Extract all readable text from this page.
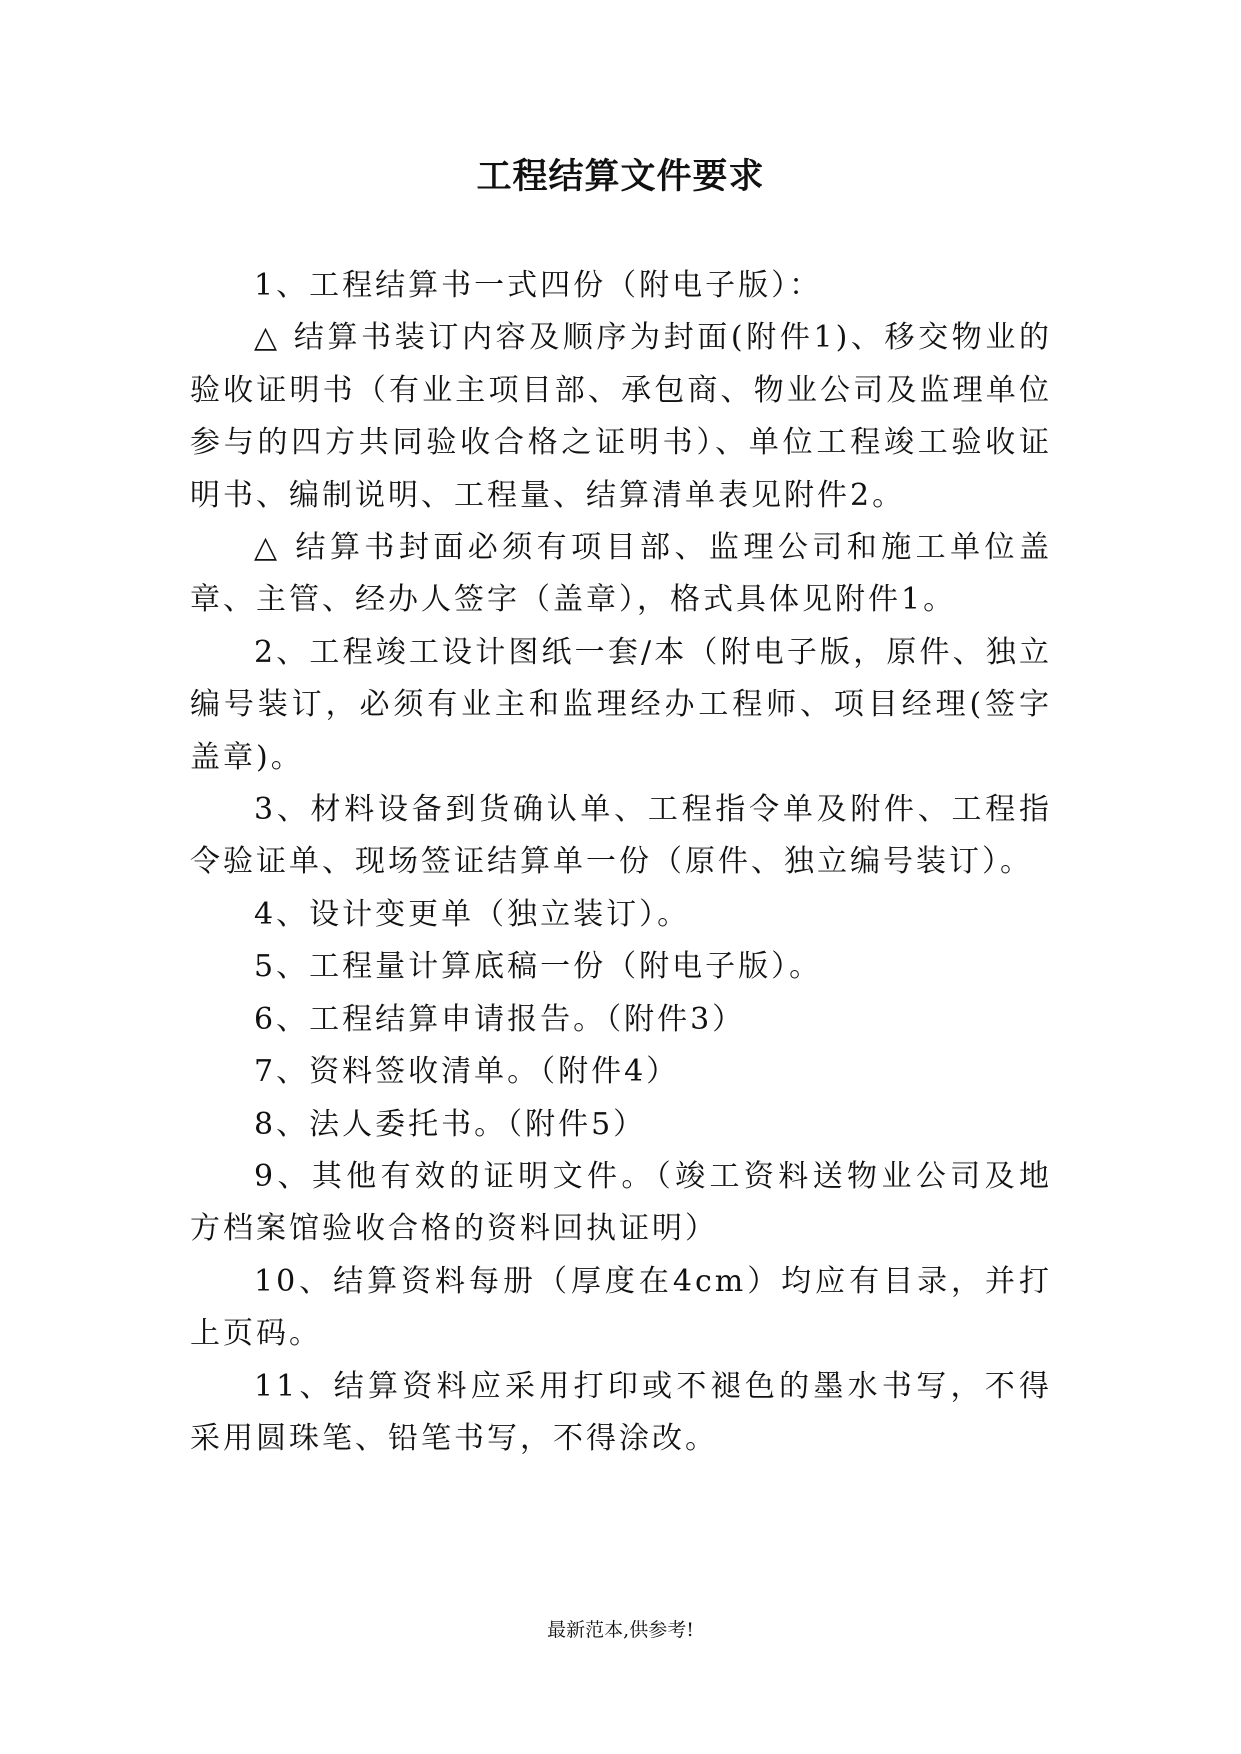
工程结算文件要求

1、工程结算书一式四份（附电子版）：

△ 结算书装订内容及顺序为封面(附件1)、移交物业的验收证明书（有业主项目部、承包商、物业公司及监理单位参与的四方共同验收合格之证明书）、单位工程竣工验收证明书、编制说明、工程量、结算清单表见附件2。

△ 结算书封面必须有项目部、监理公司和施工单位盖章、主管、经办人签字（盖章），格式具体见附件1。

2、工程竣工设计图纸一套/本（附电子版，原件、独立编号装订，必须有业主和监理经办工程师、项目经理(签字盖章)。

3、材料设备到货确认单、工程指令单及附件、工程指令验证单、现场签证结算单一份（原件、独立编号装订）。

4、设计变更单（独立装订）。

5、工程量计算底稿一份（附电子版）。

6、工程结算申请报告。（附件3）

7、资料签收清单。（附件4）

8、法人委托书。（附件5）

9、其他有效的证明文件。（竣工资料送物业公司及地方档案馆验收合格的资料回执证明）

10、结算资料每册（厚度在4cm）均应有目录，并打上页码。

11、结算资料应采用打印或不褪色的墨水书写，不得采用圆珠笔、铅笔书写，不得涂改。

最新范本,供参考!
